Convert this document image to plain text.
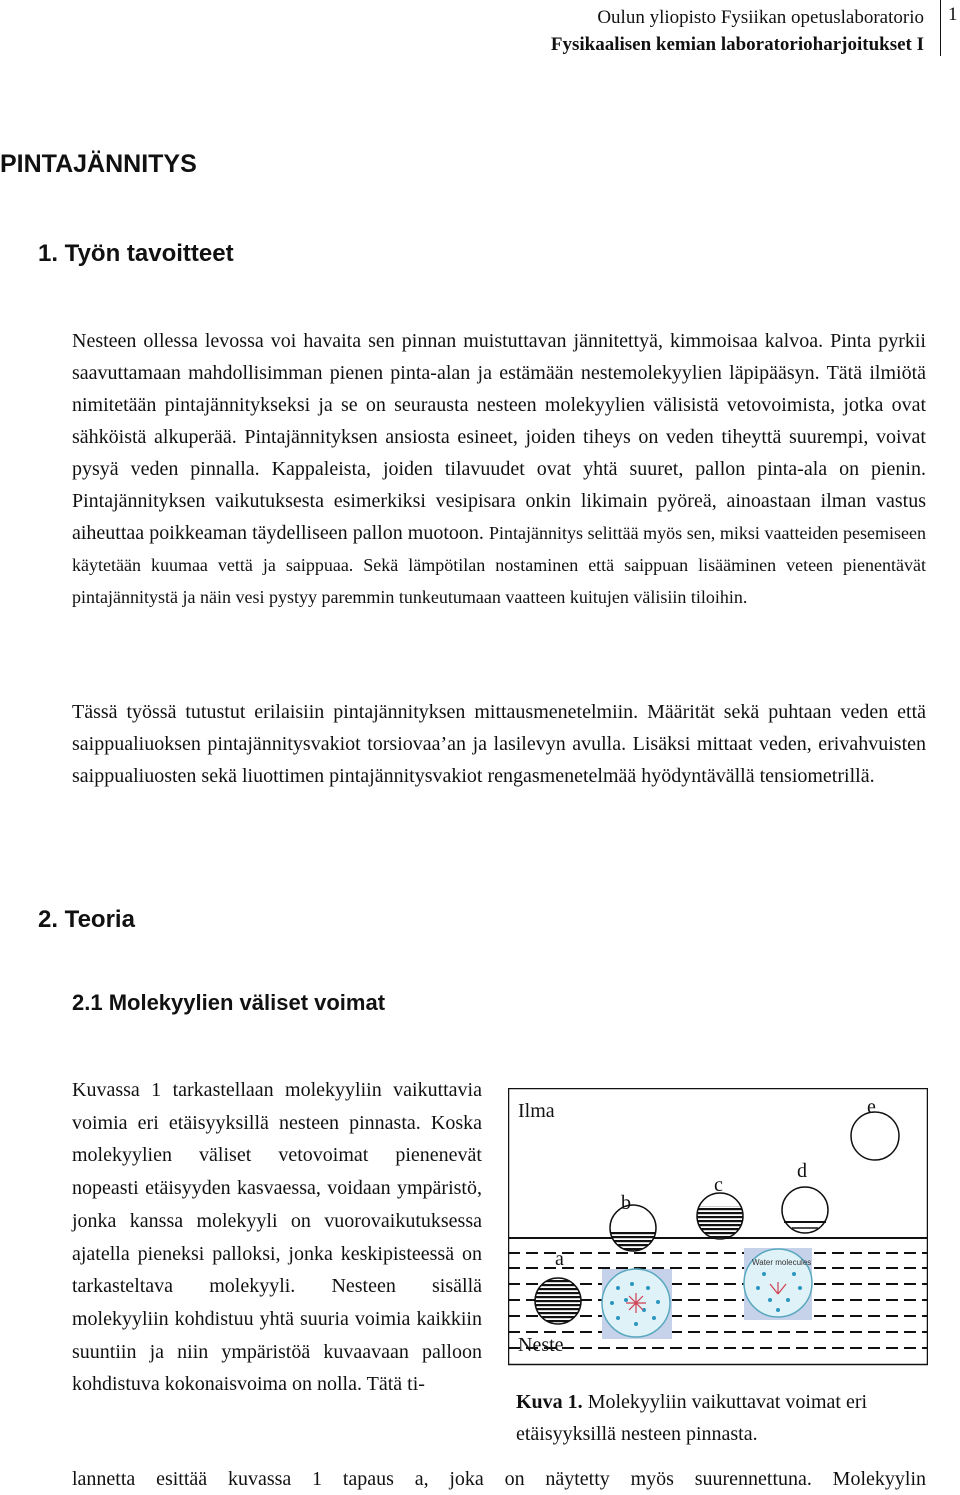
Oulun yliopisto Fysiikan opetuslaboratorio
Fysikaalisen kemian laboratorioharjoitukset I
1
PINTAJÄNNITYS
1. Työn tavoitteet

Nesteen ollessa levossa voi havaita sen pinnan muistuttavan jännitettyä, kimmoisaa kalvoa. Pinta pyrkii saavuttamaan mahdollisimman pienen pinta-alan ja estämään nestemolekyylien läpipääsyn. Tätä ilmiötä nimitetään pintajännitykseksi ja se on seurausta nesteen molekyylien välisistä vetovoimista, jotka ovat sähköistä alkuperää. Pintajännityksen ansiosta esineet, joiden tiheys on veden tiheyttä suurempi, voivat pysyä veden pinnalla. Kappaleista, joiden tilavuudet ovat yhtä suuret, pallon pinta-ala on pienin. Pintajännityksen vaikutuksesta esimerkiksi vesipisara onkin likimain pyöreä, ainoastaan ilman vastus aiheuttaa poikkeaman täydelliseen pallon muotoon. Pintajännitys selittää myös sen, miksi vaatteiden pesemiseen käytetään kuumaa vettä ja saippuaa. Sekä lämpötilan nostaminen että saippuan lisääminen veteen pienentävät pintajännitystä ja näin vesi pystyy paremmin tunkeutumaan vaatteen kuitujen välisiin tiloihin.

Tässä työssä tutustut erilaisiin pintajännityksen mittausmenetelmiin. Määrität sekä puhtaan veden että saippualiuoksen pintajännitysvakiot torsiovaa’an ja lasilevyn avulla. Lisäksi mittaat veden, erivahvuisten saippualiuosten sekä liuottimen pintajännitysvakiot rengasmenetelmää hyödyntävällä tensiometrillä.

2. Teoria
2.1 Molekyylien väliset voimat

Kuvassa 1 tarkastellaan molekyyliin vaikuttavia voimia eri etäisyyksillä nesteen pinnasta. Koska molekyylien väliset vetovoimat pienenevät nopeasti etäisyyden kasvaessa, voidaan ympäristö, jonka kanssa molekyyli on vuorovaikutuksessa ajatella pieneksi palloksi, jonka keskipisteessä on tarkasteltava molekyyli. Nesteen sisällä molekyyliin kohdistuu yhtä suuria voimia kaikkiin suuntiin ja niin ympäristöä kuvaavaan palloon kohdistuva kokonaisvoima on nolla. Tätä ti-

Ilma
Neste
a
b
c
d
e
Water molecules
Kuva 1. Molekyyliin vaikuttavat voimat eri etäisyyksillä nesteen pinnasta.

lannetta esittää kuvassa 1 tapaus a, joka on näytetty myös suurennettuna. Molekyylin
